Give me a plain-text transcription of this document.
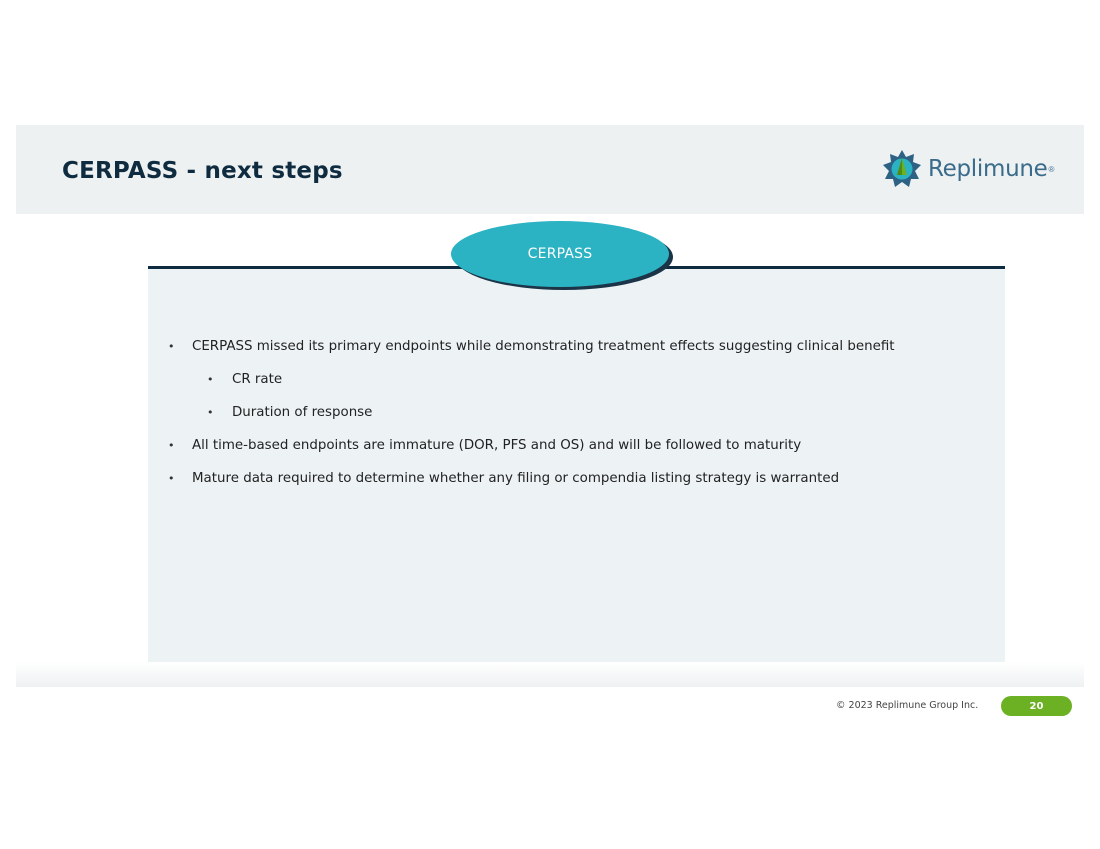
CERPASS - next steps	Replimune ®
CERPASS
• CERPASS missed its primary endpoints while demonstrating treatment effects suggesting clinical benefit
• CR rate
• Duration of response
• All time-based endpoints are immature (DOR, PFS and OS) and will be followed to maturity
• Mature data required to determine whether any filing or compendia listing strategy is warranted
© 2023 Replimune Group Inc.	20
